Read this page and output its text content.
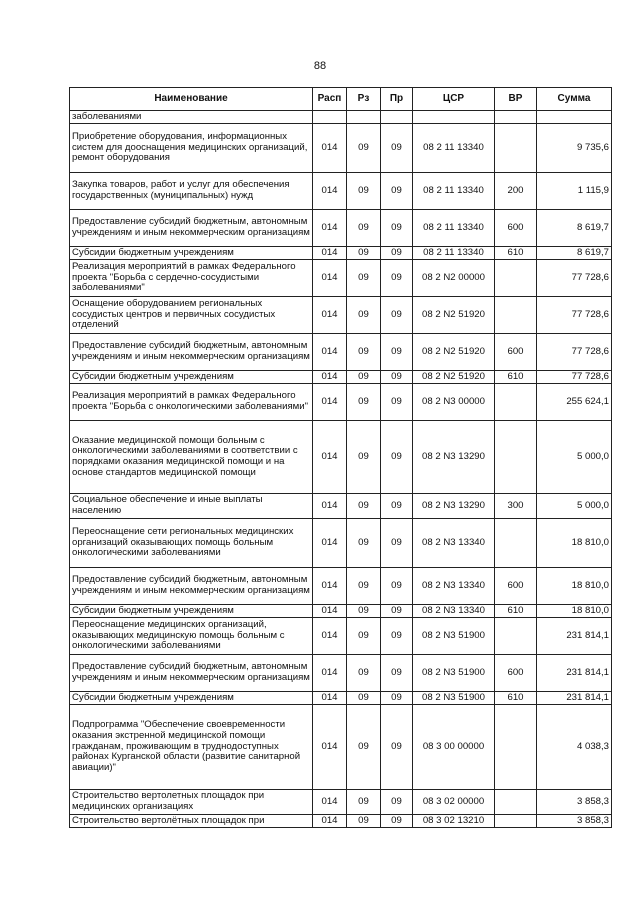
88
Наименование	Расп	Рз	Пр	ЦСР	ВР	Сумма
заболеваниями						
Приобретение оборудования, информационных систем для дооснащения медицинских организаций, ремонт оборудования	014	09	09	08 2 11 13340		9 735,6
Закупка товаров, работ и услуг для обеспечения государственных (муниципальных) нужд	014	09	09	08 2 11 13340	200	1 115,9
Предоставление субсидий бюджетным, автономным учреждениям и иным некоммерческим организациям	014	09	09	08 2 11 13340	600	8 619,7
Субсидии бюджетным учреждениям	014	09	09	08 2 11 13340	610	8 619,7
Реализация мероприятий в рамках Федерального проекта "Борьба с сердечно-сосудистыми заболеваниями"	014	09	09	08 2 N2 00000		77 728,6
Оснащение оборудованием региональных сосудистых центров и первичных сосудистых отделений	014	09	09	08 2 N2 51920		77 728,6
Предоставление субсидий бюджетным, автономным учреждениям и иным некоммерческим организациям	014	09	09	08 2 N2 51920	600	77 728,6
Субсидии бюджетным учреждениям	014	09	09	08 2 N2 51920	610	77 728,6
Реализация мероприятий в рамках Федерального проекта "Борьба с онкологическими заболеваниями"	014	09	09	08 2 N3 00000		255 624,1
Оказание медицинской помощи больным с онкологическими заболеваниями в соответствии с порядками оказания медицинской помощи и на основе стандартов медицинской помощи	014	09	09	08 2 N3 13290		5 000,0
Социальное обеспечение и иные выплаты населению	014	09	09	08 2 N3 13290	300	5 000,0
Переоснащение сети региональных медицинских организаций оказывающих помощь больным онкологическими заболеваниями	014	09	09	08 2 N3 13340		18 810,0
Предоставление субсидий бюджетным, автономным учреждениям и иным некоммерческим организациям	014	09	09	08 2 N3 13340	600	18 810,0
Субсидии бюджетным учреждениям	014	09	09	08 2 N3 13340	610	18 810,0
Переоснащение медицинских организаций, оказывающих медицинскую помощь больным с онкологическими заболеваниями	014	09	09	08 2 N3 51900		231 814,1
Предоставление субсидий бюджетным, автономным учреждениям и иным некоммерческим организациям	014	09	09	08 2 N3 51900	600	231 814,1
Субсидии бюджетным учреждениям	014	09	09	08 2 N3 51900	610	231 814,1
Подпрограмма "Обеспечение своевременности оказания экстренной медицинской помощи гражданам, проживающим в труднодоступных районах Курганской области (развитие санитарной авиации)"	014	09	09	08 3 00 00000		4 038,3
Строительство вертолетных площадок при медицинских организациях	014	09	09	08 3 02 00000		3 858,3
Строительство вертолётных площадок при	014	09	09	08 3 02 13210		3 858,3
